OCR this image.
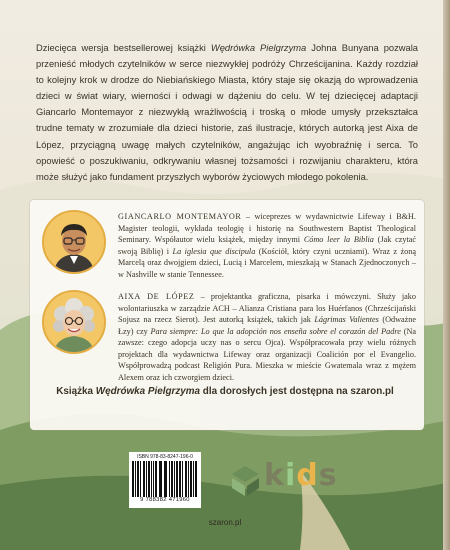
Dziecięca wersja bestsellerowej książki Wędrówka Pielgrzyma Johna Bunyana pozwala przenieść młodych czytelników w serce niezwykłej podróży Chrześcijanina. Każdy rozdział to kolejny krok w drodze do Niebiańskiego Miasta, który staje się okazją do wprowadzenia dzieci w świat wiary, wierności i odwagi w dążeniu do celu. W tej dziecięcej adaptacji Giancarlo Montemayor z niezwykłą wrażliwością i troską o młode umysły przekształca trudne tematy w zrozumiałe dla dzieci historie, zaś ilustracje, których autorką jest Aixa de López, przyciągną uwagę małych czytelników, angażując ich wyobraźnię i serca. To opowieść o poszukiwaniu, odkrywaniu własnej tożsamości i rozwijaniu charakteru, która może służyć jako fundament przyszłych wyborów życiowych młodego pokolenia.

GIANCARLO MONTEMAYOR – wiceprezes w wydawnictwie Lifeway i B&H. Magister teologii, wykłada teologię i historię na Southwestern Baptist Theological Seminary. Współautor wielu książek, między innymi Cómo leer la Biblia (Jak czytać swoją Biblię) i La iglesia que discipula (Kościół, który czyni uczniami). Wraz z żoną Marcelą oraz dwojgiem dzieci, Lucią i Marcelem, mieszkają w Stanach Zjednoczonych – w Nashville w stanie Tennessee.

AIXA DE LÓPEZ – projektantka graficzna, pisarka i mówczyni. Służy jako wolontariuszka w zarządzie ACH – Alianza Cristiana para los Huérfanos (Chrześcijański Sojusz na rzecz Sierot). Jest autorką książek, takich jak Lágrimas Valientes (Odważne Łzy) czy Para siempre: Lo que la adopción nos enseña sobre el corazón del Padre (Na zawsze: czego adopcja uczy nas o sercu Ojca). Współpracowała przy wielu różnych projektach dla wydawnictwa Lifeway oraz organizacji Coalición por el Evangelio. Współprowadzą podcast Religión Pura. Mieszka w mieście Gwatemala wraz z mężem Alexem oraz ich czworgiem dzieci.

Książka Wędrówka Pielgrzyma dla dorosłych jest dostępna na szaron.pl

ISBN 978-83-8247-196-0
9 788382 471960
kids

szaron.pl
